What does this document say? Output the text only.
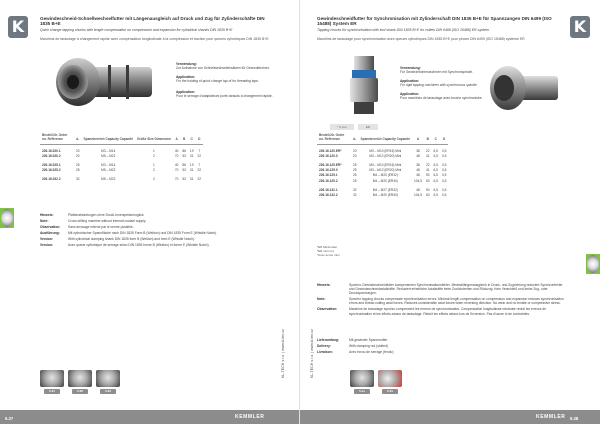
Gewindeschneid-Schnellwechselfutter mit Längenausgleich auf Druck und Zug für Zylinderschäfte DIN 1835 B+E
Quick change tapping chucks with length compensation on compression and expansion for cylindrical shanks DIN 1835 B+E
Mandrins de taraudage à changement rapide avec compensation longitudinale à la compression et traction pour queues cylindriques DIN 1835 B+E
Verwendung:
Zur Aufnahme von Schnellwechseleinsätzen für Gewindebohrer.
Application:
For the holding of quick change tap-of for threading taps.
Application:
Pour le serrage d'adaptateurs porte-tarauds à changement rapide.
Bestell-Nr. Order no. Référence	d₁	Spannbereich Capacity Capacité	Größe Size Dimension	A	B	C	D

226.16.020.1	20	M3 – M14	1	40	86	19	7
226.16.020.2	20	M5 – M22	2	70	53	31	22

226.16.025.1	25	M3 – M14	1	40	86	19	7
226.16.025.2	25	M5 – M22	2	70	53	31	22

226.16.032.2	32	M5 – M22	2	70	53	31	22
Hinweis:	Plattenabstufungen ohne Druck-Innerspeisemoglick.
Note:	Cross drilling machine without internal coolant supply.
Observation:	Sans arrosage interne par le centre possible.
Ausführung:	Mit zylindrischer Spannfläche nach DIN 1835 Form B (Weldon) und DIN 1835 Form E (Whistle Notch).
Version:	With cylindrical clamping shank DIN 1835 form B (Weldon) and form E (Whistle Notch).
Version:	Avec queue cylindrique de serrage selon DIN 1835 forme B (Weldon) et forme E (Whistle Notch).
5.21	5.22	5.23
K
KL-TECH s.r.o. | www.kl-tec.cz
5.37	KEMMLER
Gewindeschneidfutter für Synchronisation mit Zylinderschaft DIN 1835 B+E für Spannzangen DIN 6499 (ISO 15488) System ER
Tapping chucks for synchronisation with tool shank DIN 1835 B+E for collets DIN 6499 (ISO 15488) ER-system
Mandrins de taraudage pour synchronisation avec queues cylindriques DIN 1835 B+E pour pinces DIN 6499 (ISO 15488) système ER
Verwendung:
Für Gewindebohrmaschinen mit Synchronspindel.
Application:
For rigid tapping machines with synchronous spindle.
Application:
Pour machines de taraudage avec broche synchronisée.
* 4 mm	ER
Bestell-Nr. Order no. Référence	d₁	Spannbereich Capacity Capacité	A	B	C	D

226.16.120.ER*	20	M3 – M10 (ER16) Mini	38	22	6,5	0,5
226.16.120.0	20	M3 – M12 (ER20) Mini	48	41	6,5	0,5

226.16.125.ER*	25	M3 – M10 (ER16) Mini	38	22	6,5	0,5
226.16.125.0	25	M3 – M12 (ER20) Mini	48	41	6,5	0,5
226.16.125.1	25	M4 – M20 (ER32)	48	50	6,5	0,5
226.16.125.2	25	M4 – M20 (ER40)	104,5	63	6,5	0,5

226.16.132.1	32	M4 – M27 (ER32)	48	50	6,5	0,5
226.16.132.2	32	M4 – M20 (ER40)	104,5	63	6,5	0,5
*ER Minimutter
*ER mini nut
*Avec écrou mini
Hinweis:	Synchro-Gewindeschneidfutter kompensieren Synchronisationsfehler. Minimallängenausgleich in Druck- und Zugrichtung reduziert Synchronfehler und Gewindeschneidaxialkräfte. Reduziert erhebliche Axialkräfte beim Zurückdrehen und Rückzug. Kein Verschleiß und keine Zug- oder Druckspannungen.
Note:	Synchro tapping chucks compensate synchronisation errors. Minimal length compensation on compression and expansion reduces synchronisation errors and thread cutting axial forces. Reduces considerable axial forces when reversing direction. No wear and no tensile or compressive stress.
Observation:	Mandrins de taraudage synchro compensent les erreurs de synchronisation. Compensation longitudinale minimale réduit les erreurs de synchronisation et les efforts axiaux de taraudage. Réduit les efforts axiaux lors de l'inversion. Pas d'usure ni de contraintes.
Lieferumfang:	Mit gewinder Spannmutter
Delivery:	With clamping nut (slotted)
Livraison:	Avec écrou de serrage (fendu)
5.xx	5.21
K
KL-TECH s.r.o. | www.kl-tec.cz
KEMMLER 5.38
